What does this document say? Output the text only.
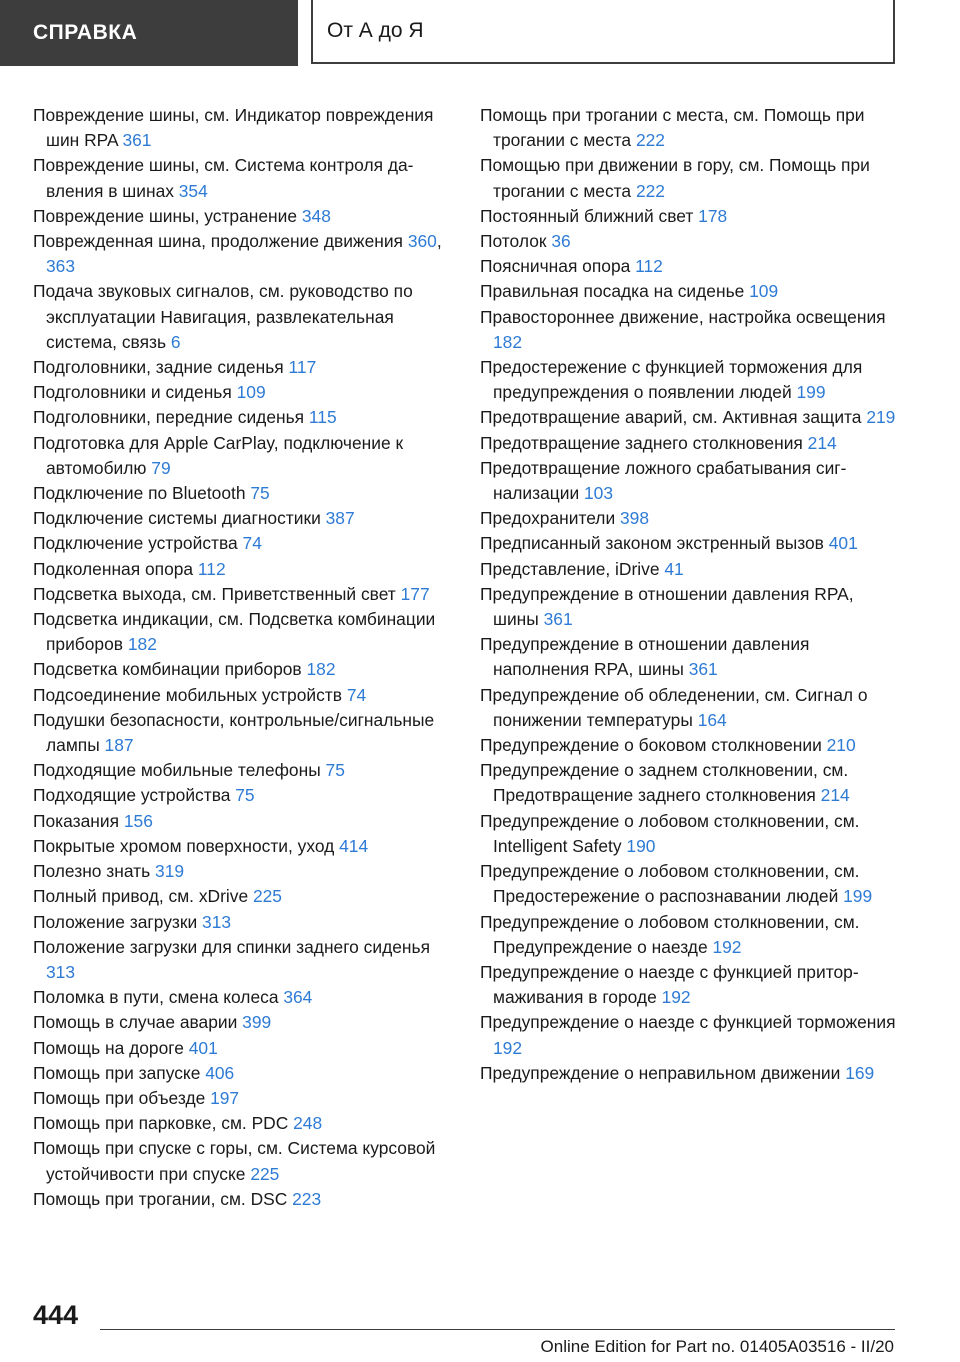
СПРАВКА	От А до Я

Повреждение шины, см. Индикатор повреждения шин RPA 361

Повреждение шины, см. Система контроля давления в шинах 354

Повреждение шины, устранение 348

Поврежденная шина, продолжение движения 360, 363

Подача звуковых сигналов, см. руководство по эксплуатации Навигация, развлекательная система, связь 6

Подголовники, задние сиденья 117

Подголовники и сиденья 109

Подголовники, передние сиденья 115

Подготовка для Apple CarPlay, подключение к автомобилю 79

Подключение по Bluetooth 75

Подключение системы диагностики 387

Подключение устройства 74

Подколенная опора 112

Подсветка выхода, см. Приветственный свет 177

Подсветка индикации, см. Подсветка комбинации приборов 182

Подсветка комбинации приборов 182

Подсоединение мобильных устройств 74

Подушки безопасности, контрольные/сигнальные лампы 187

Подходящие мобильные телефоны 75

Подходящие устройства 75

Показания 156

Покрытые хромом поверхности, уход 414

Полезно знать 319

Полный привод, см. xDrive 225

Положение загрузки 313

Положение загрузки для спинки заднего сиденья 313

Поломка в пути, смена колеса 364

Помощь в случае аварии 399

Помощь на дороге 401

Помощь при запуске 406

Помощь при объезде 197

Помощь при парковке, см. PDC 248

Помощь при спуске с горы, см. Система курсовой устойчивости при спуске 225

Помощь при трогании, см. DSC 223

Помощь при трогании с места, см. Помощь при трогании с места 222

Помощью при движении в гору, см. Помощь при трогании с места 222

Постоянный ближний свет 178

Потолок 36

Поясничная опора 112

Правильная посадка на сиденье 109

Правостороннее движение, настройка освещения 182

Предостережение с функцией торможения для предупреждения о появлении людей 199

Предотвращение аварий, см. Активная защита 219

Предотвращение заднего столкновения 214

Предотвращение ложного срабатывания сигнализации 103

Предохранители 398

Предписанный законом экстренный вызов 401

Представление, iDrive 41

Предупреждение в отношении давления RPA, шины 361

Предупреждение в отношении давления наполнения RPA, шины 361

Предупреждение об обледенении, см. Сигнал о понижении температуры 164

Предупреждение о боковом столкновении 210

Предупреждение о заднем столкновении, см. Предотвращение заднего столкновения 214

Предупреждение о лобовом столкновении, см. Intelligent Safety 190

Предупреждение о лобовом столкновении, см. Предостережение о распознавании людей 199

Предупреждение о лобовом столкновении, см. Предупреждение о наезде 192

Предупреждение о наезде с функцией притормаживания в городе 192

Предупреждение о наезде с функцией торможения 192

Предупреждение о неправильном движении 169

444
Online Edition for Part no. 01405A03516 - II/20
